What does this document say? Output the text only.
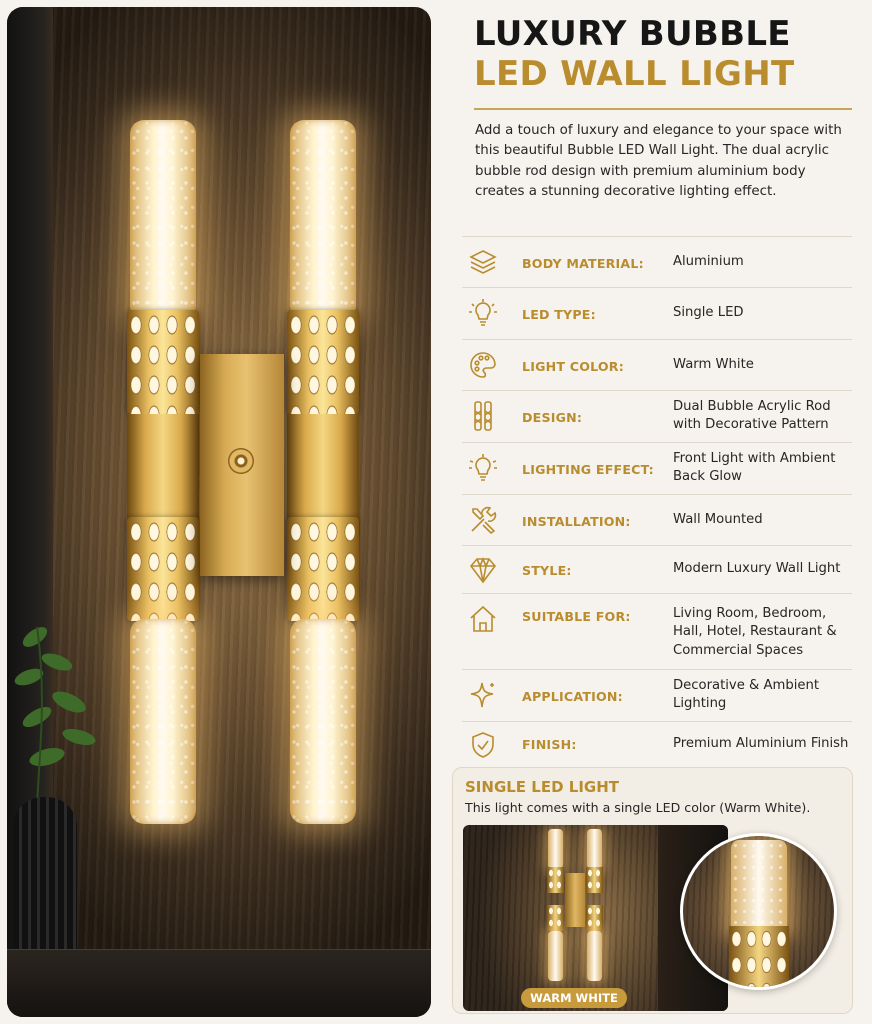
LUXURY BUBBLE
LED WALL LIGHT
Add a touch of luxury and elegance to your space with this beautiful Bubble LED Wall Light. The dual acrylic bubble rod design with premium aluminium body creates a stunning decorative lighting effect.
BODY MATERIAL: Aluminium
LED TYPE:	Single LED
LIGHT COLOR:	Warm White
DESIGN:
Dual Bubble Acrylic Rod with Decorative Pattern
LIGHTING EFFECT:
Front Light with Ambient Back Glow
INSTALLATION:	Wall Mounted
STYLE:	Modern Luxury Wall Light
SUITABLE FOR:	Living Room, Bedroom, Hall, Hotel, Restaurant & Commercial Spaces
APPLICATION:
Decorative & Ambient Lighting
FINISH:	Premium Aluminium Finish
SINGLE LED LIGHT
This light comes with a single LED color (Warm White).
WARM WHITE
